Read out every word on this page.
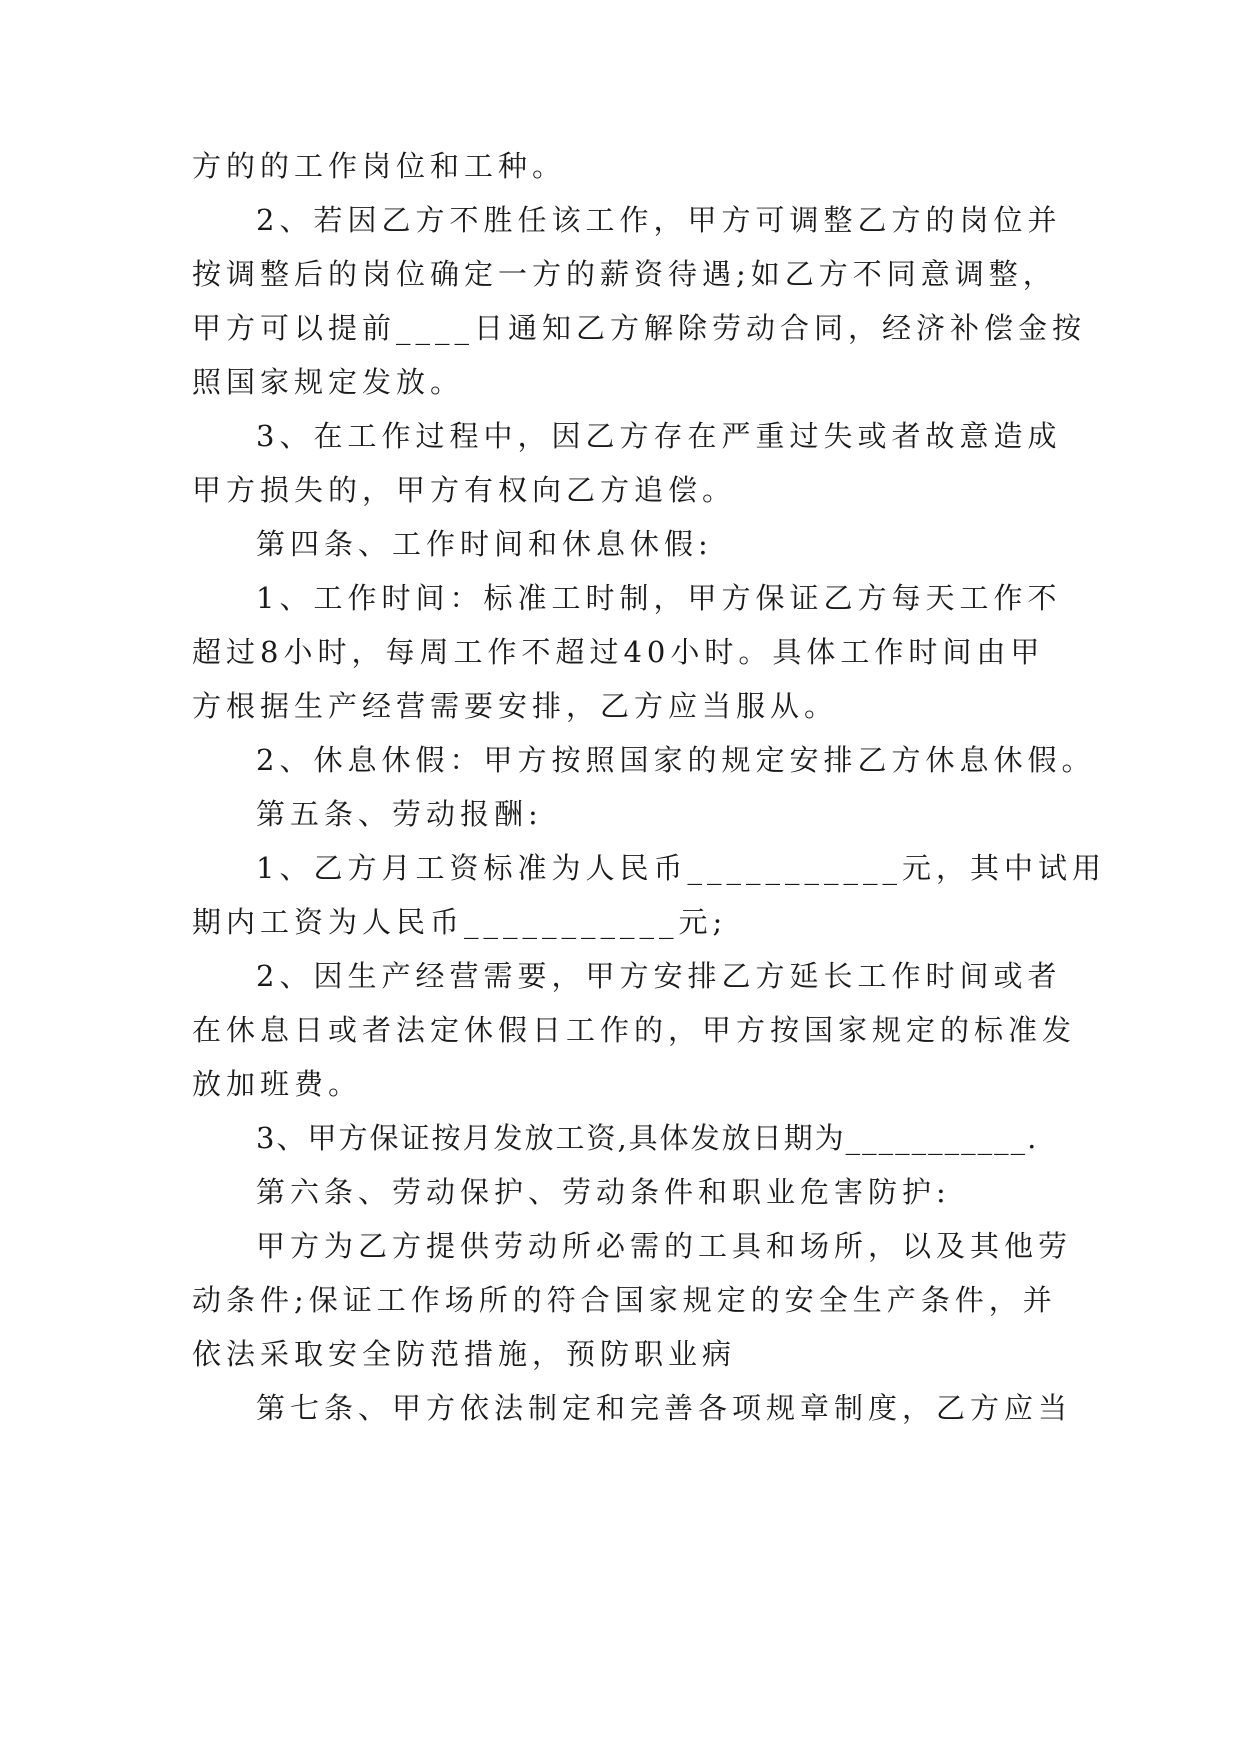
方的的工作岗位和工种。
2、若因乙方不胜任该工作，甲方可调整乙方的岗位并
按调整后的岗位确定一方的薪资待遇;如乙方不同意调整，
甲方可以提前____日通知乙方解除劳动合同，经济补偿金按
照国家规定发放。
3、在工作过程中，因乙方存在严重过失或者故意造成
甲方损失的，甲方有权向乙方追偿。
第四条、工作时间和休息休假:
1、工作时间：标准工时制，甲方保证乙方每天工作不
超过8小时，每周工作不超过40小时。具体工作时间由甲
方根据生产经营需要安排，乙方应当服从。
2、休息休假：甲方按照国家的规定安排乙方休息休假。
第五条、劳动报酬:
1、乙方月工资标准为人民币___________元，其中试用
期内工资为人民币___________元;
2、因生产经营需要，甲方安排乙方延长工作时间或者
在休息日或者法定休假日工作的，甲方按国家规定的标准发
放加班费。
3、甲方保证按月发放工资,具体发放日期为___________.
第六条、劳动保护、劳动条件和职业危害防护:
甲方为乙方提供劳动所必需的工具和场所，以及其他劳
动条件;保证工作场所的符合国家规定的安全生产条件，并
依法采取安全防范措施，预防职业病
第七条、甲方依法制定和完善各项规章制度，乙方应当
